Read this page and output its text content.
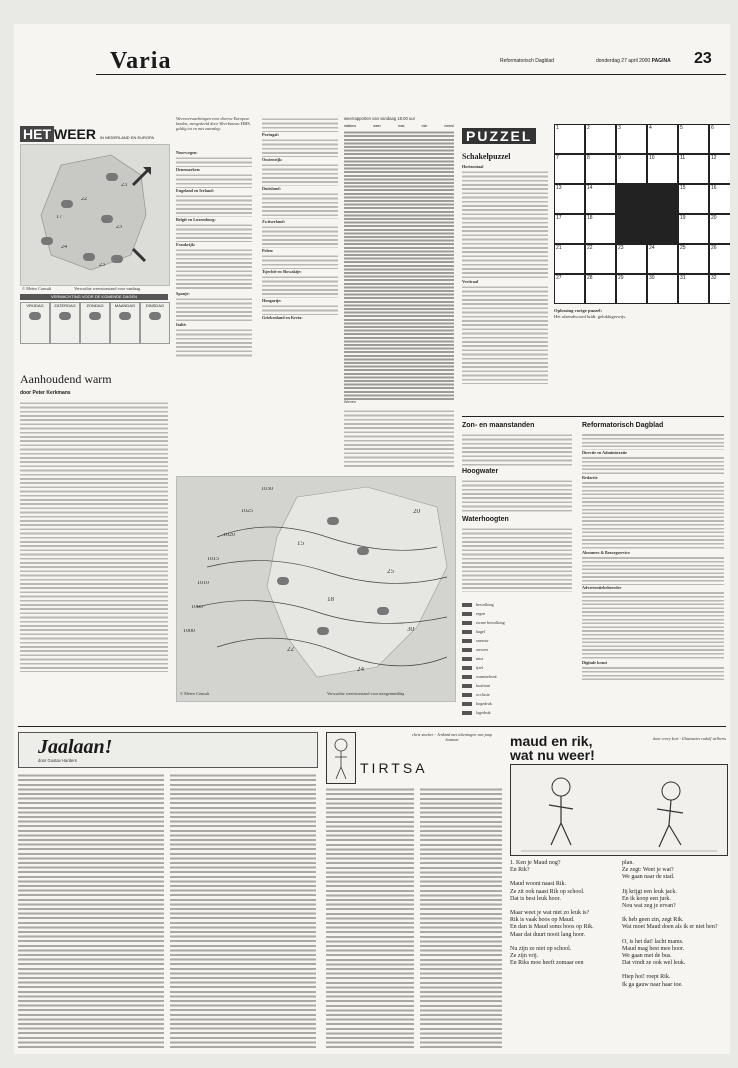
Varia	Reformatorisch Dagblad	donderdag 27 april 2000 PAGINA 23
HET WEER IN NEDERLAND EN EUROPA
23
22
17
23
24
23
© Meteo Consult	Verwachte weerstoestand voor vandaag
VERWACHTING VOOR DE KOMENDE DAGEN
VRIJDAG	ZATERDAG	ZONDAG	MAANDAG	DINSDAG
Aanhoudend warm
door Peter Kerkmans
Weersverwachtingen voor diverse Europese landen, meegedeeld door Weerbureau MMS, geldig tot en met zaterdag:
Noorwegen:
Denemarken:
Engeland en Ierland:
België en Luxemburg:
Frankrijk:
Spanje:
Italië:
Portugal:
Oostenrijk:
Duitsland:
Zwitserland:
Polen:
Tsjechië en Slowakije:
Hongarije:
Griekenland en Kreta:
weerrapporten van vandaag 18.00 uur
stations	weer	max	min	neersl
Wenen
PUZZEL
Schakelpuzzel
Horizontaal
Verticaal
1	2	3	4	5	6
7	8	9	10	11	12
13	14	15	16
17	18	19	20
21	22	23	24	25	26
27	28	29	30	31	32
Oplossing vorige puzzel:
Het afzendwoord luidt: gelukkigerwijs.
Zon- en maanstanden
Hoogwater
Waterhoogten
Reformatorisch Dagblad
Directie en Administratie
Redactie
Abonnees & Bezorgservice
Advertentiebeheerder
Digitale krant
1030
1025
1020
1015
1010
1005
1000
20
25
30
15
18
22
24
© Meteo Consult	Verwachte weerstoestand voor morgenmiddag
bewolking
regen
zware bewolking
hagel
sneeuw
onweer
mist
ijzel
warmtefront
koufront
occlusie
hogedruk
lagedruk
Jaalaan!
door Gustav Harders	TIRTSA
chris stocker - Jenkind met tekeningen van jaap bosman	maud en rik,
wat nu weer!
door corry kort - Illustraties rudolf wilberts
1. Ken je Maud nog?
En Rik?
Maud woont naast Rik.
Ze zit ook naast Rik op school.
Dat is best leuk hoor.
Maar weet je wat niet zo leuk is?
Rik is vaak boos op Maud.
En dan is Maud soms boos op Rik.
Maar dat duurt nooit lang hoor.
Nu zijn ze niet op school.
Ze zijn vrij.
En Riks moe heeft zomaar een
plan.
Ze zegt: Weet je wat?
We gaan naar de stad.
Jij krijgt een leuk jack.
En ik koop een jurk.
Nou wat zeg je ervan?
Ik heb geen zin, zegt Rik.
Wat moet Maud doen als ik er niet ben?
O, is het dat! lacht mams.
Maud mag best mee hoor.
We gaan met de bus.
Dat vindt ze ook wel leuk.
Hiep hoi! roept Rik.
Ik ga gauw naar haar toe.
